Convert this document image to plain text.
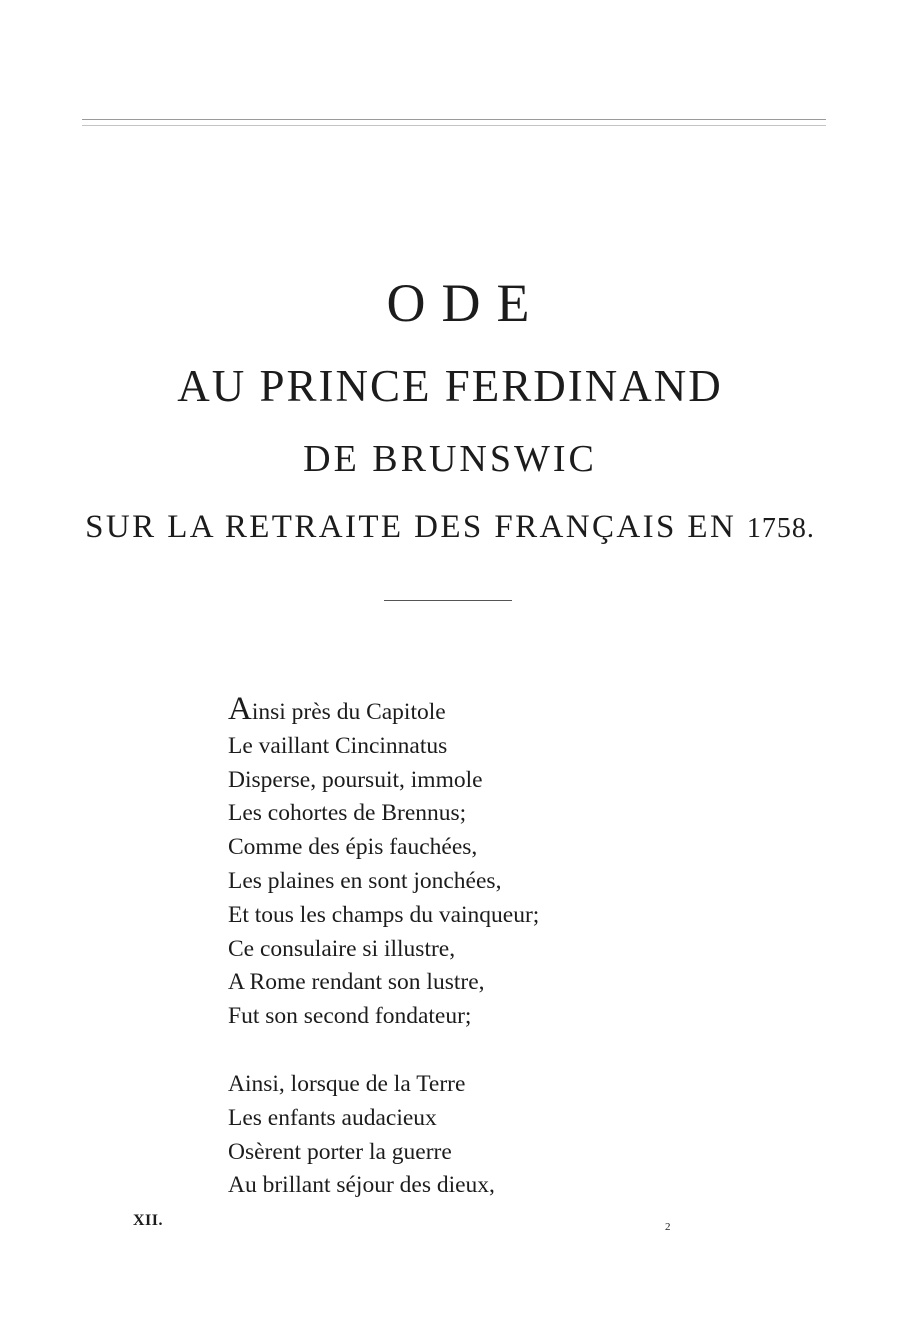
ODE
AU PRINCE FERDINAND
DE BRUNSWIC
SUR LA RETRAITE DES FRANÇAIS EN 1758.
Ainsi près du Capitole
Le vaillant Cincinnatus
Disperse, poursuit, immole
Les cohortes de Brennus;
Comme des épis fauchées,
Les plaines en sont jonchées,
Et tous les champs du vainqueur;
Ce consulaire si illustre,
A Rome rendant son lustre,
Fut son second fondateur;
Ainsi, lorsque de la Terre
Les enfants audacieux
Osèrent porter la guerre
Au brillant séjour des dieux,
XII.	2
